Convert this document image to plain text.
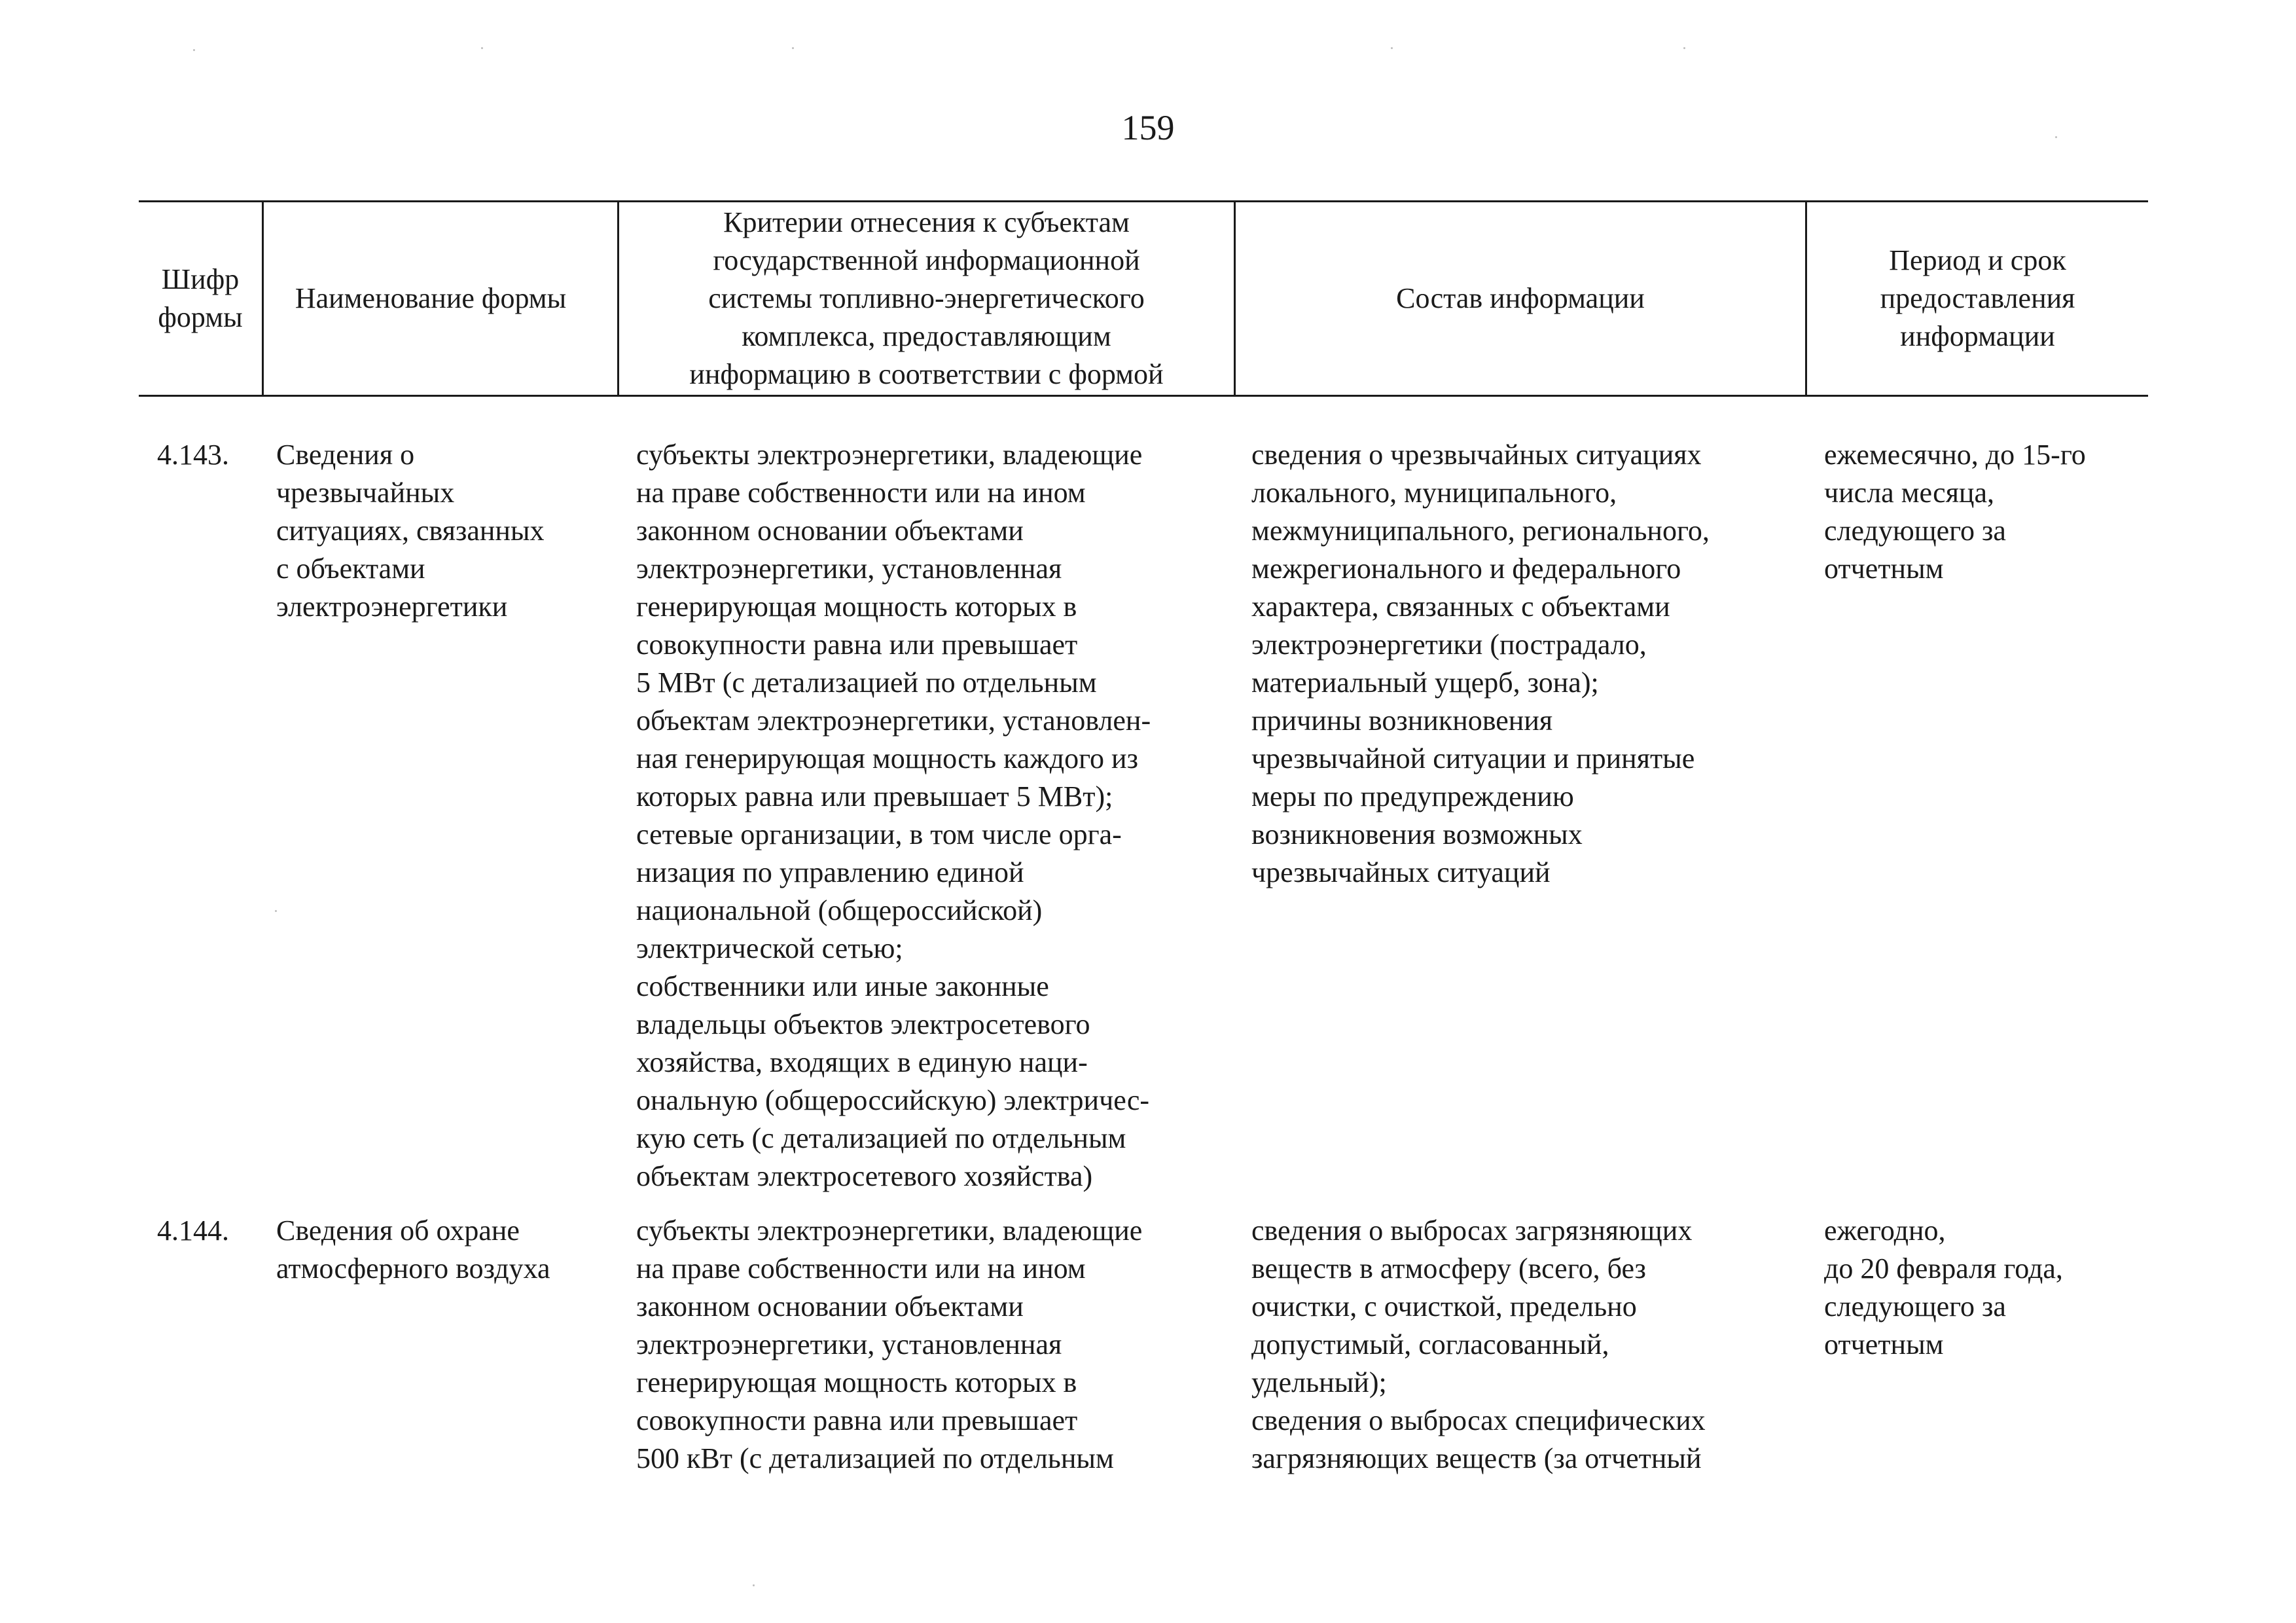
159
Шифр
формы
Наименование формы
Критерии отнесения к субъектам
государственной информационной
системы топливно-энергетического
комплекса, предоставляющим
информацию в соответствии с формой
Состав информации
Период и срок
предоставления
информации
4.143.	Сведения о
чрезвычайных
ситуациях, связанных
с объектами
электроэнергетики
субъекты электроэнергетики, владеющие
на праве собственности или на ином
законном основании объектами
электроэнергетики, установленная
генерирующая мощность которых в
совокупности равна или превышает
5 МВт (с детализацией по отдельным
объектам электроэнергетики, установлен-
ная генерирующая мощность каждого из
которых равна или превышает 5 МВт);
сетевые организации, в том числе орга-
низация по управлению единой
национальной (общероссийской)
электрической сетью;
собственники или иные законные
владельцы объектов электросетевого
хозяйства, входящих в единую наци-
ональную (общероссийскую) электричес-
кую сеть (с детализацией по отдельным
объектам электросетевого хозяйства)
сведения о чрезвычайных ситуациях
локального, муниципального,
межмуниципального, регионального,
межрегионального и федерального
характера, связанных с объектами
электроэнергетики (пострадало,
материальный ущерб, зона);
причины возникновения
чрезвычайной ситуации и принятые
меры по предупреждению
возникновения возможных
чрезвычайных ситуаций
ежемесячно, до 15-го
числа месяца,
следующего за
отчетным
4.144.	Сведения об охране
атмосферного воздуха
субъекты электроэнергетики, владеющие
на праве собственности или на ином
законном основании объектами
электроэнергетики, установленная
генерирующая мощность которых в
совокупности равна или превышает
500 кВт (с детализацией по отдельным
сведения о выбросах загрязняющих
веществ в атмосферу (всего, без
очистки, с очисткой, предельно
допустимый, согласованный,
удельный);
сведения о выбросах специфических
загрязняющих веществ (за отчетный
ежегодно,
до 20 февраля года,
следующего за
отчетным
